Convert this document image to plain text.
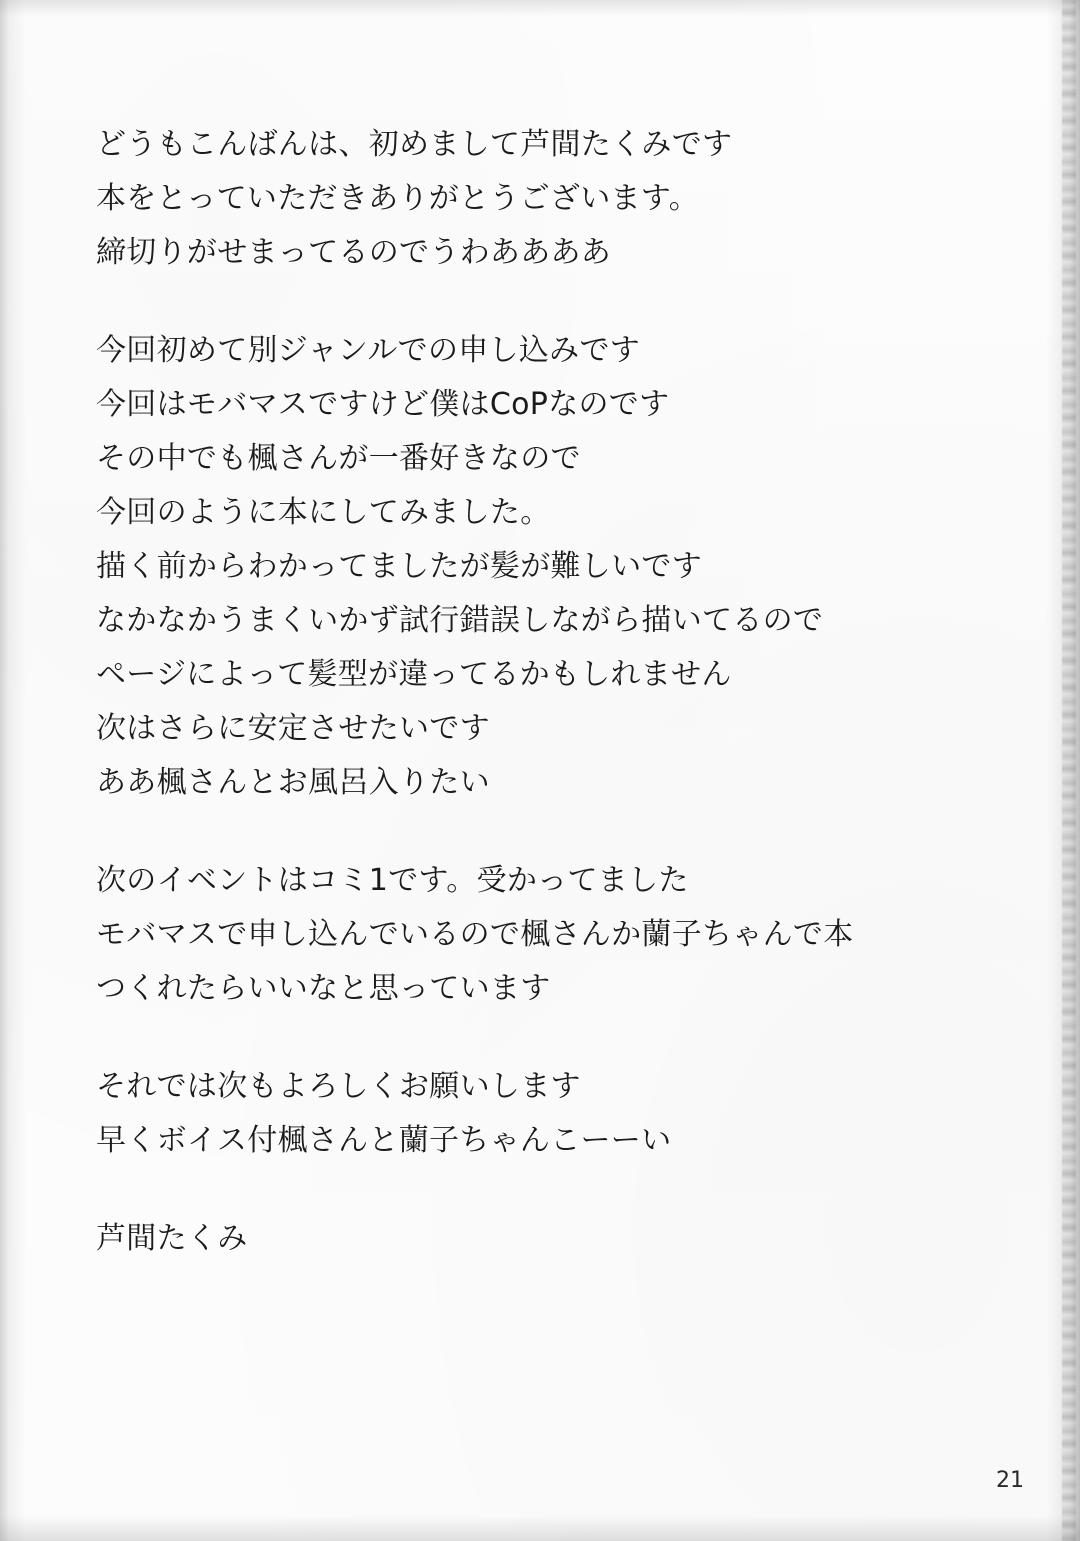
どうもこんばんは、初めまして芦間たくみです
本をとっていただきありがとうございます。
締切りがせまってるのでうわああああ
今回初めて別ジャンルでの申し込みです
今回はモバマスですけど僕はCoPなのです
その中でも楓さんが一番好きなので
今回のように本にしてみました。
描く前からわかってましたが髪が難しいです
なかなかうまくいかず試行錯誤しながら描いてるので
ページによって髪型が違ってるかもしれません
次はさらに安定させたいです
ああ楓さんとお風呂入りたい
次のイベントはコミ1です。受かってました
モバマスで申し込んでいるので楓さんか蘭子ちゃんで本
つくれたらいいなと思っています
それでは次もよろしくお願いします
早くボイス付楓さんと蘭子ちゃんこーーい
芦間たくみ
21
